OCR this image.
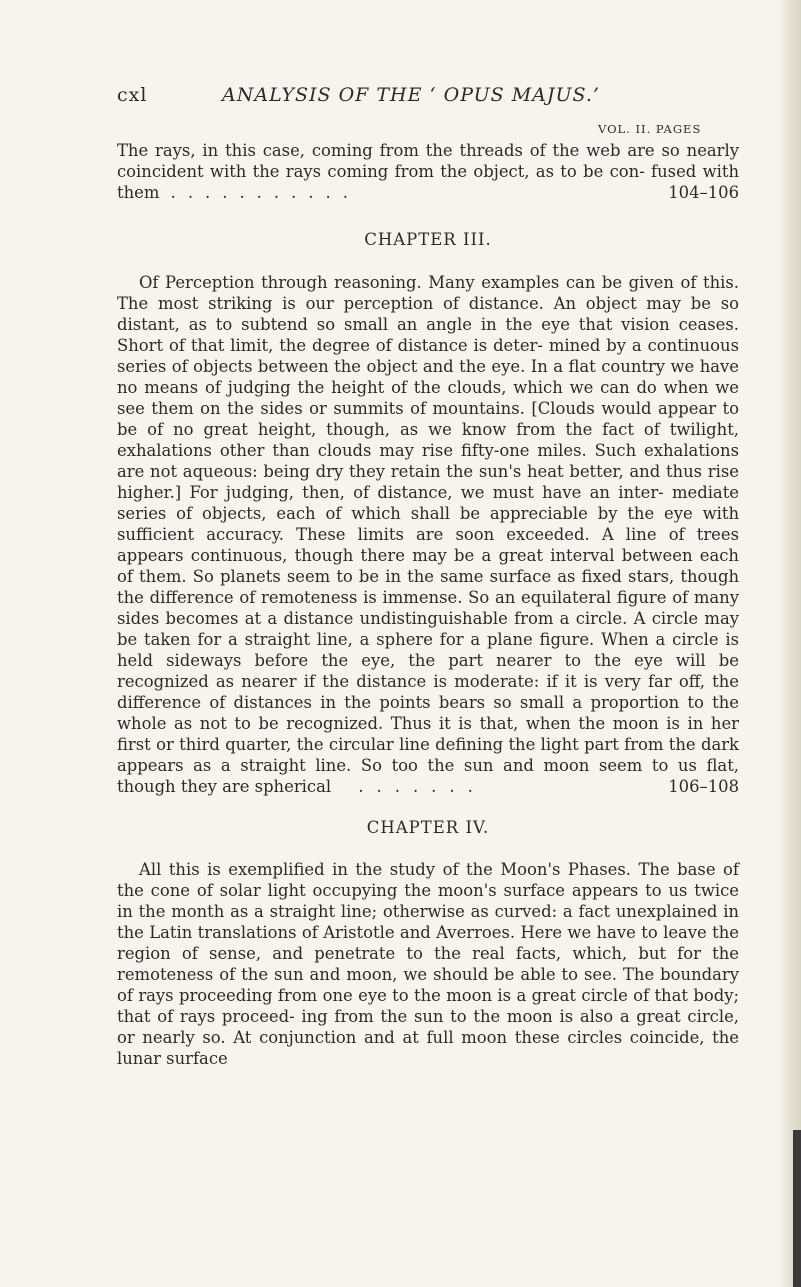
cxl	ANALYSIS OF THE ‘ OPUS MAJUS.’
VOL. II. PAGES

The rays, in this case, coming from the threads of the web are so nearly coincident with the rays coming from the object, as to be con- fused with them ...........	104–106

CHAPTER III.

Of Perception through reasoning. Many examples can be given of this. The most striking is our perception of distance. An object may be so distant, as to subtend so small an angle in the eye that vision ceases. Short of that limit, the degree of distance is deter- mined by a continuous series of objects between the object and the eye. In a flat country we have no means of judging the height of the clouds, which we can do when we see them on the sides or summits of mountains. [Clouds would appear to be of no great height, though, as we know from the fact of twilight, exhalations other than clouds may rise fifty-one miles. Such exhalations are not aqueous: being dry they retain the sun's heat better, and thus rise higher.] For judging, then, of distance, we must have an inter- mediate series of objects, each of which shall be appreciable by the eye with sufficient accuracy. These limits are soon exceeded. A line of trees appears continuous, though there may be a great interval between each of them. So planets seem to be in the same surface as fixed stars, though the difference of remoteness is immense. So an equilateral figure of many sides becomes at a distance undistinguishable from a circle. A circle may be taken for a straight line, a sphere for a plane figure. When a circle is held sideways before the eye, the part nearer to the eye will be recognized as nearer if the distance is moderate: if it is very far off, the difference of distances in the points bears so small a proportion to the whole as not to be recognized. Thus it is that, when the moon is in her first or third quarter, the circular line defining the light part from the dark appears as a straight line. So too the sun and moon seem to us flat, though they are spherical .......	106–108

CHAPTER IV.

All this is exemplified in the study of the Moon's Phases. The base of the cone of solar light occupying the moon's surface appears to us twice in the month as a straight line; otherwise as curved: a fact unexplained in the Latin translations of Aristotle and Averroes. Here we have to leave the region of sense, and penetrate to the real facts, which, but for the remoteness of the sun and moon, we should be able to see. The boundary of rays proceeding from one eye to the moon is a great circle of that body; that of rays proceed- ing from the sun to the moon is also a great circle, or nearly so. At conjunction and at full moon these circles coincide, the lunar surface
